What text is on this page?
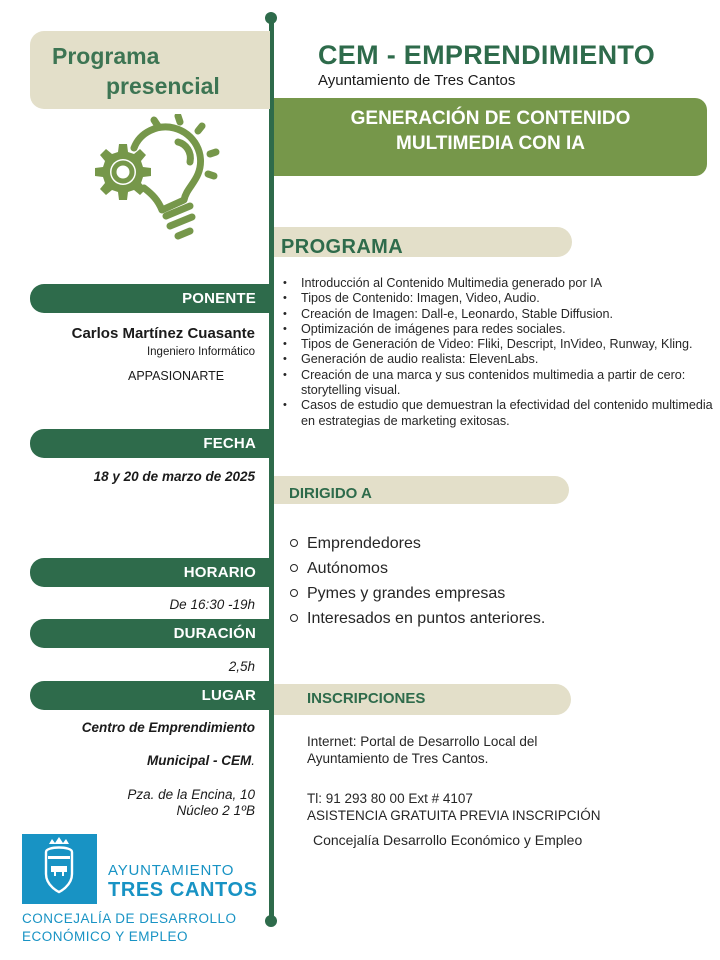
Programa
presencial
CEM - EMPRENDIMIENTO
Ayuntamiento de Tres Cantos
GENERACIÓN DE CONTENIDO
MULTIMEDIA CON IA
PROGRAMA
• Introducción al Contenido Multimedia generado por IA
• Tipos de Contenido: Imagen, Video, Audio.
• Creación de Imagen: Dall-e, Leonardo, Stable Diffusion.
• Optimización de imágenes para redes sociales.
• Tipos de Generación de Video: Fliki, Descript, InVideo, Runway, Kling.
• Generación de audio realista: ElevenLabs.
• Creación de una marca y sus contenidos multimedia a partir de cero: storytelling visual.
• Casos de estudio que demuestran la efectividad del contenido multimedia en estrategias de marketing exitosas.
DIRIGIDO A
Emprendedores
Autónomos
Pymes y grandes empresas
Interesados en puntos anteriores.
PONENTE
Carlos Martínez Cuasante
Ingeniero Informático
APPASIONARTE
FECHA
18 y 20 de marzo de 2025
HORARIO
De 16:30 -19h
DURACIÓN
2,5h
LUGAR
Centro de Emprendimiento
Municipal - CEM.
Pza. de la Encina, 10
Núcleo 2 1ºB
INSCRIPCIONES
Internet: Portal de Desarrollo Local del
Ayuntamiento de Tres Cantos.
Tl: 91 293 80 00 Ext # 4107
ASISTENCIA GRATUITA PREVIA INSCRIPCIÓN
Concejalía Desarrollo Económico y Empleo
AYUNTAMIENTO
TRES CANTOS
CONCEJALÍA DE DESARROLLO
ECONÓMICO Y EMPLEO
